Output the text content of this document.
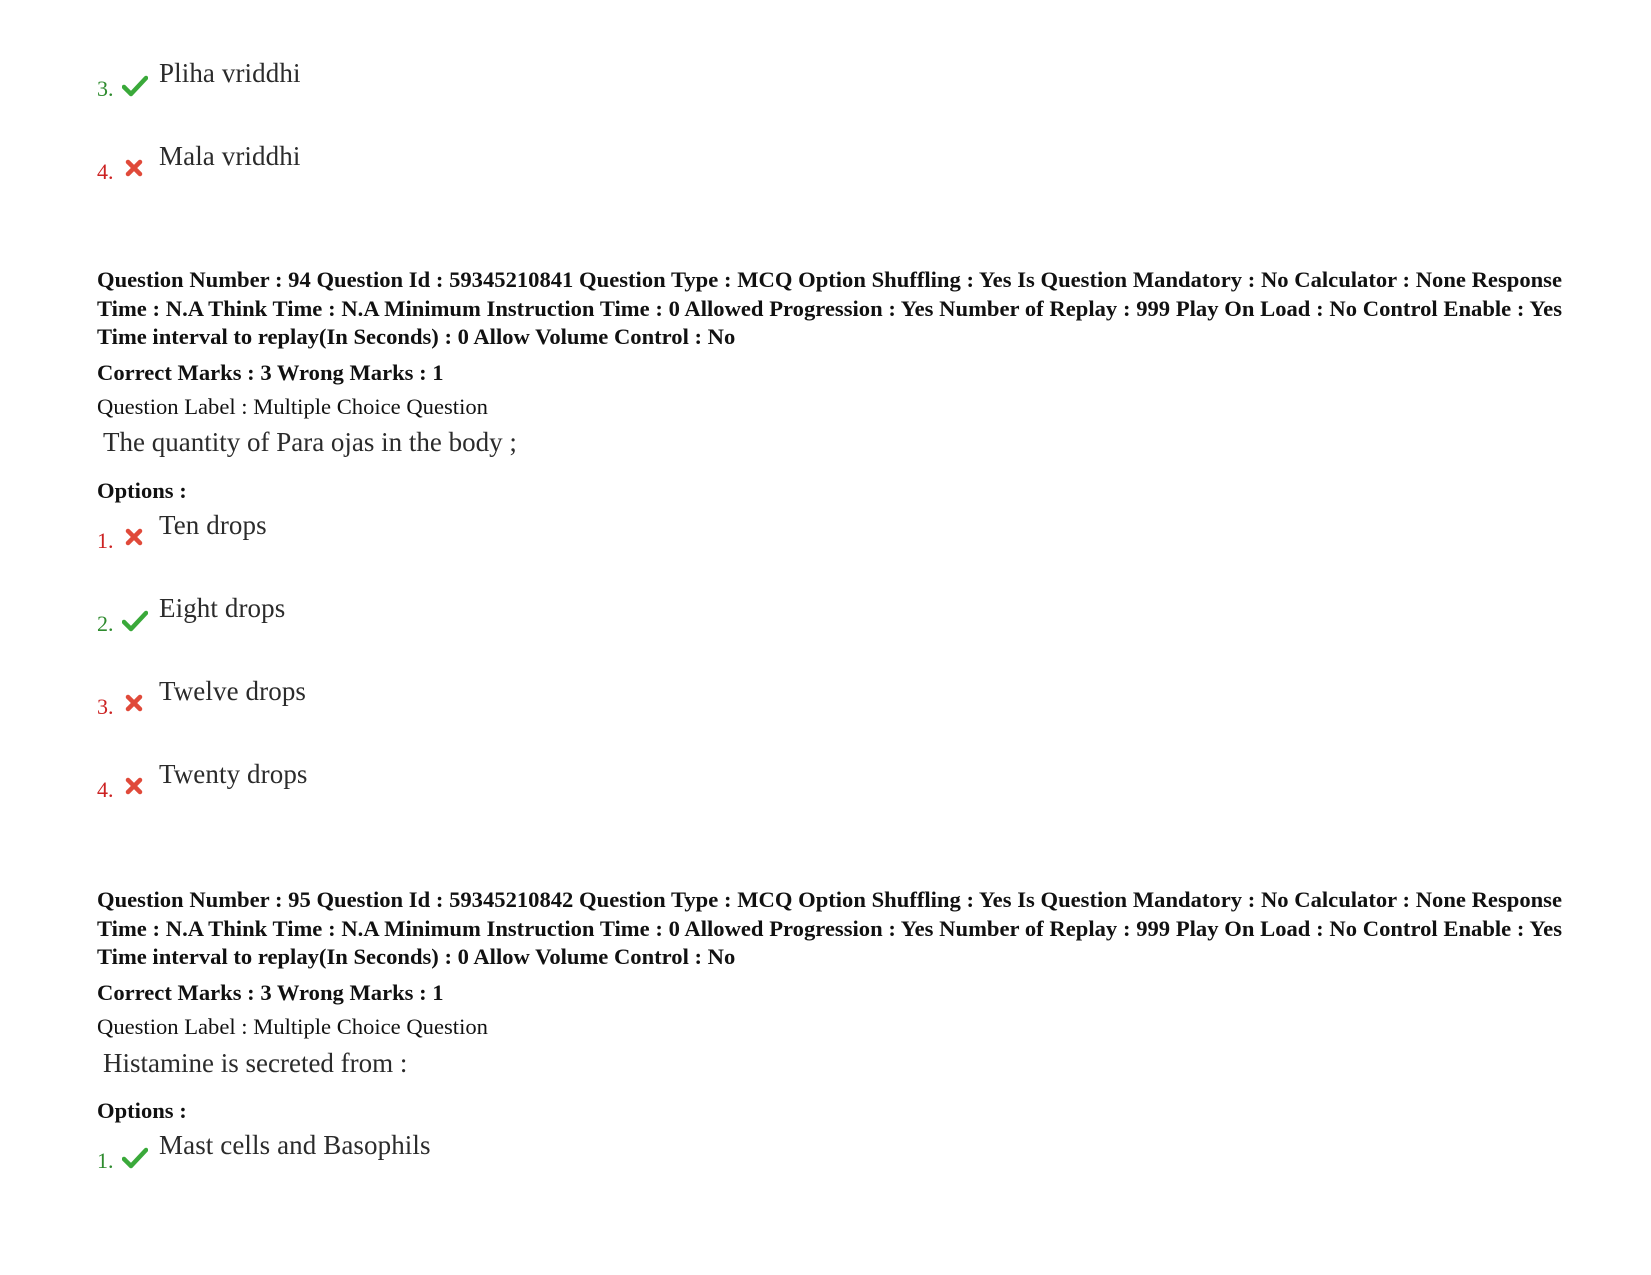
3.
Pliha vriddhi
4.
Mala vriddhi
Question Number : 94 Question Id : 59345210841 Question Type : MCQ Option Shuffling : Yes Is Question Mandatory : No Calculator : None Response Time : N.A Think Time : N.A Minimum Instruction Time : 0 Allowed Progression : Yes Number of Replay : 999 Play On Load : No Control Enable : Yes Time interval to replay(In Seconds) : 0 Allow Volume Control : No
Correct Marks : 3 Wrong Marks : 1
Question Label : Multiple Choice Question
The quantity of Para ojas in the body ;
Options :
1.
Ten drops
2.
Eight drops
3.
Twelve drops
4.
Twenty drops
Question Number : 95 Question Id : 59345210842 Question Type : MCQ Option Shuffling : Yes Is Question Mandatory : No Calculator : None Response Time : N.A Think Time : N.A Minimum Instruction Time : 0 Allowed Progression : Yes Number of Replay : 999 Play On Load : No Control Enable : Yes Time interval to replay(In Seconds) : 0 Allow Volume Control : No
Correct Marks : 3 Wrong Marks : 1
Question Label : Multiple Choice Question
Histamine is secreted from :
Options :
1.
Mast cells and Basophils
